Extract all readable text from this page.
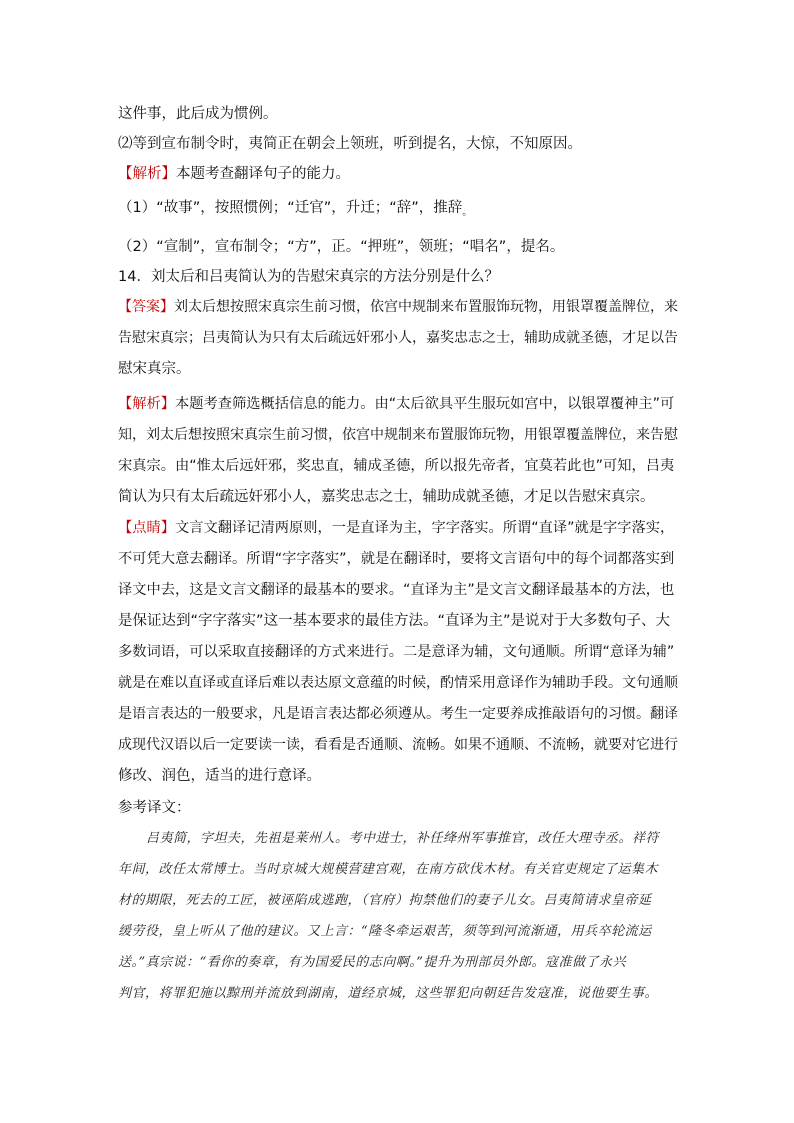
这件事，此后成为惯例。
⑵等到宣布制令时，夷简正在朝会上领班，听到提名，大惊，不知原因。
【解析】本题考查翻译句子的能力。
（1）“故事”，按照惯例；“迁官”，升迁；“辞”，推辞$_。$
（2）“宣制”，宣布制令；“方”，正。“押班”，领班；“唱名”，提名。
14．刘太后和吕夷简认为的告慰宋真宗的方法分别是什么？
【答案】刘太后想按照宋真宗生前习惯，依宫中规制来布置服饰玩物，用银罩覆盖牌位，来
告慰宋真宗；吕夷简认为只有太后疏远奸邪小人，嘉奖忠志之士，辅助成就圣德，才足以告
慰宋真宗。
【解析】本题考查筛选概括信息的能力。由“太后欲具平生服玩如宫中，以银罩覆神主”可
知，刘太后想按照宋真宗生前习惯，依宫中规制来布置服饰玩物，用银罩覆盖牌位，来告慰
宋真宗。由“惟太后远奸邪，奖忠直，辅成圣德，所以报先帝者，宜莫若此也”可知，吕夷
简认为只有太后疏远奸邪小人，嘉奖忠志之士，辅助成就圣德，才足以告慰宋真宗。
【点睛】文言文翻译记清两原则，一是直译为主，字字落实。所谓“直译”就是字字落实，
不可凭大意去翻译。所谓“字字落实”，就是在翻译时，要将文言语句中的每个词都落实到
译文中去，这是文言文翻译的最基本的要求。“直译为主”是文言文翻译最基本的方法，也
是保证达到“字字落实”这一基本要求的最佳方法。“直译为主”是说对于大多数句子、大
多数词语，可以采取直接翻译的方式来进行。二是意译为辅，文句通顺。所谓“意译为辅”
就是在难以直译或直译后难以表达原文意蕴的时候，酌情采用意译作为辅助手段。文句通顺
是语言表达的一般要求，凡是语言表达都必须遵从。考生一定要养成推敲语句的习惯。翻译
成现代汉语以后一定要读一读，看看是否通顺、流畅。如果不通顺、不流畅，就要对它进行
修改、润色，适当的进行意译。
参考译文：
吕夷简，字坦夫，先祖是莱州人。考中进士，补任绛州军事推官，改任大理寺丞。祥符
年间，改任太常博士。当时京城大规模营建宫观，在南方砍伐木材。有关官吏规定了运集木
材的期限，死去的工匠，被诬陷成逃跑，（官府）拘禁他们的妻子儿女。吕夷简请求皇帝延
缓劳役，皇上听从了他的建议。又上言：“隆冬牵运艰苦，须等到河流渐通，用兵卒轮流运
送。”真宗说：“看你的奏章，有为国爱民的志向啊。”提升为刑部员外郎。寇准做了永兴
判官，将罪犯施以黥刑并流放到湖南，道经京城，这些罪犯向朝廷告发寇准，说他要生事。
